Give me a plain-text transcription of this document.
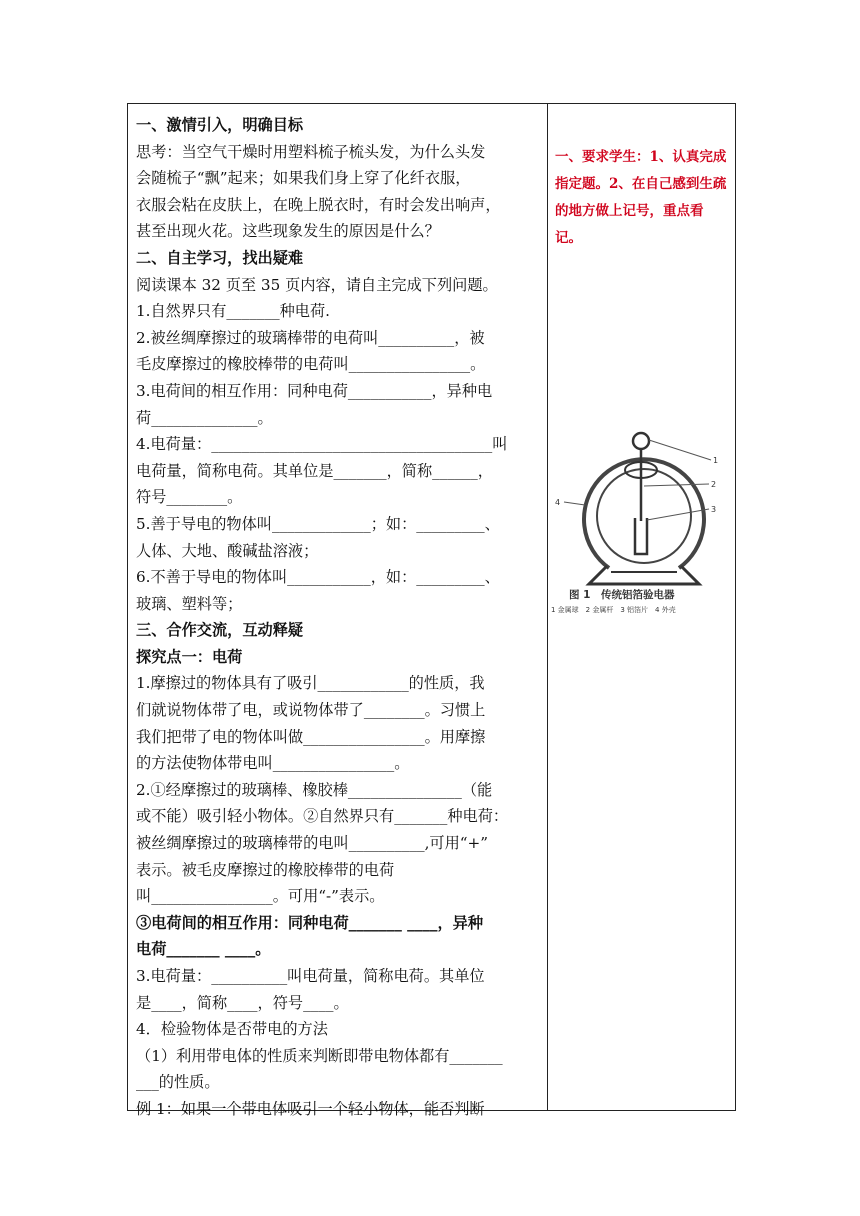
一、激情引入，明确目标

思考：当空气干燥时用塑料梳子梳头发，为什么头发

会随梳子“飘”起来；如果我们身上穿了化纤衣服，

衣服会粘在皮肤上，在晚上脱衣时，有时会发出响声，

甚至出现火花。这些现象发生的原因是什么？

二、自主学习，找出疑难

阅读课本 32 页至 35 页内容，请自主完成下列问题。

1.自然界只有_______种电荷.

2.被丝绸摩擦过的玻璃棒带的电荷叫__________，被

毛皮摩擦过的橡胶棒带的电荷叫________________。

3.电荷间的相互作用：同种电荷___________，异种电

荷______________。

4.电荷量：_____________________________________叫

电荷量，简称电荷。其单位是_______，简称______，

符号________。

5.善于导电的物体叫_____________；如：_________、

人体、大地、酸碱盐溶液；

6.不善于导电的物体叫___________，如：_________、

玻璃、塑料等；

三、合作交流，互动释疑

探究点一：电荷

1.摩擦过的物体具有了吸引____________的性质，我

们就说物体带了电，或说物体带了________。习惯上

我们把带了电的物体叫做________________。用摩擦

的方法使物体带电叫________________。

2.①经摩擦过的玻璃棒、橡胶棒_______________（能

或不能）吸引轻小物体。②自然界只有_______种电荷：

被丝绸摩擦过的玻璃棒带的电叫__________,可用“+”

表示。被毛皮摩擦过的橡胶棒带的电荷

叫________________。可用“-”表示。

③电荷间的相互作用：同种电荷_______ ____，异种

电荷_______ ____。

3.电荷量：__________叫电荷量，简称电荷。其单位

是____，简称____，符号____。

4．检验物体是否带电的方法

（1）利用带电体的性质来判断即带电物体都有_______

___的性质。

例 1：如果一个带电体吸引一个轻小物体，能否判断

一、要求学生：1、认真完成指定题。2、在自己感到生疏的地方做上记号，重点看记。
1
2
3
4
图 1　传统铝箔验电器
1 金属球　2 金属杆　3 铝箔片　4 外壳
